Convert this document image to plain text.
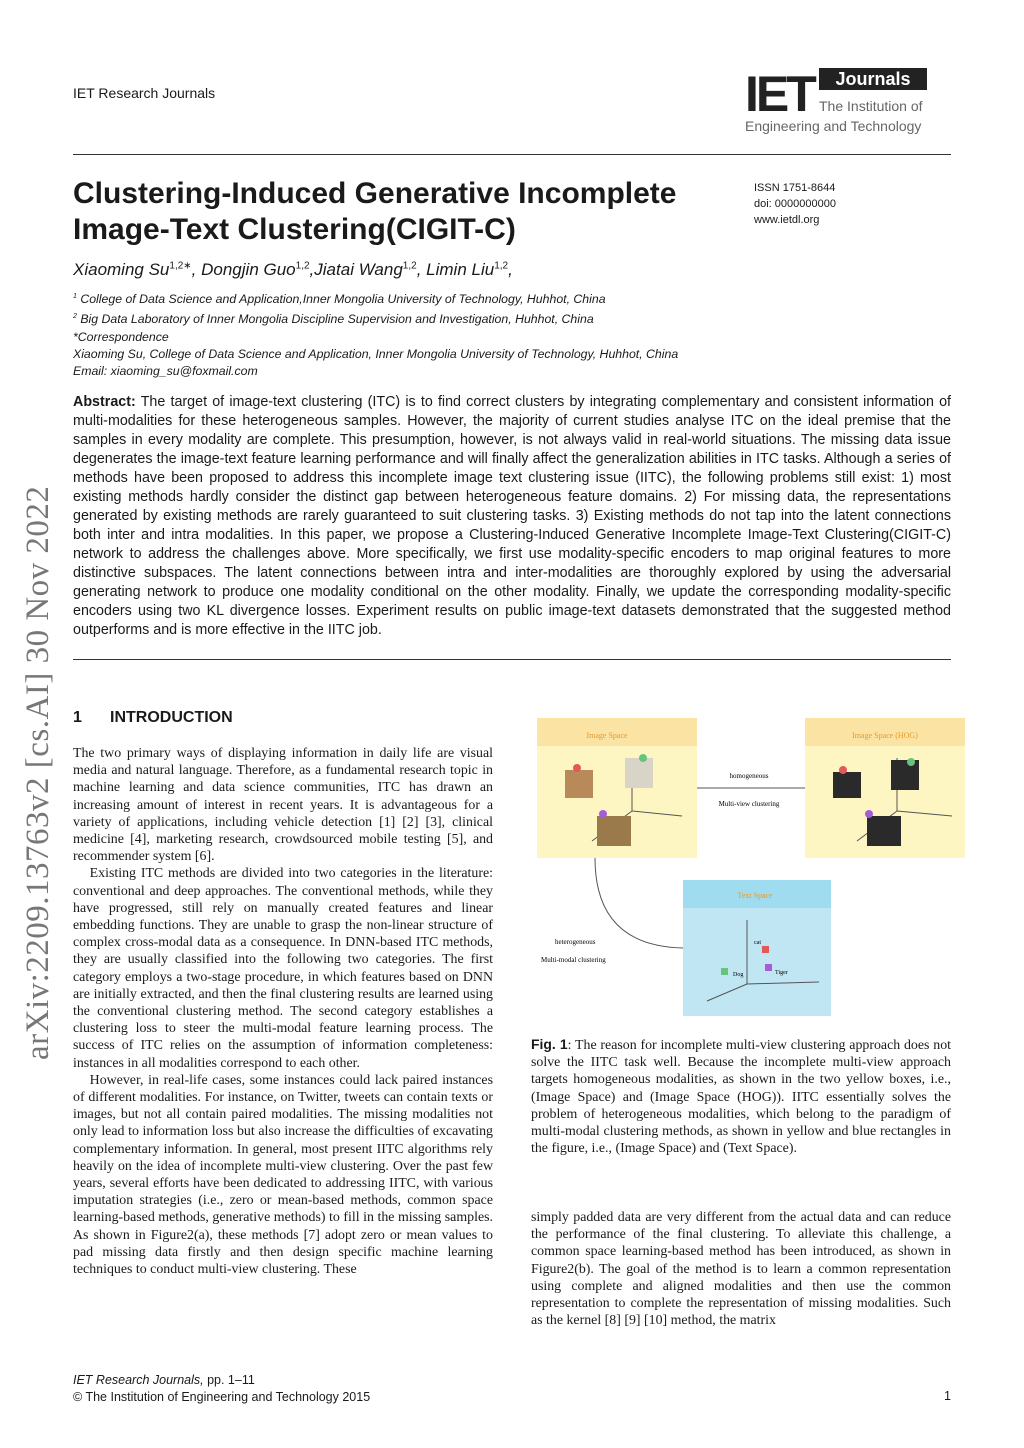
IET Research Journals	IET	Journals
The Institution of
Engineering and Technology
Clustering-Induced Generative Incomplete Image-Text Clustering(CIGIT-C)
ISSN 1751-8644
doi: 0000000000
www.ietdl.org
Xiaoming $Su^{1,2∗}$, Dongjin Guo$^{1,2}$,Jiatai Wang$^{1,2}$, Limin Liu$^{1,2}$,
$^1$ College of Data Science and Application,Inner Mongolia University of Technology, Huhhot, China
$^2$ Big Data Laboratory of Inner Mongolia Discipline Supervision and Investigation, Huhhot, China
*Correspondence
Xiaoming Su, College of Data Science and Application, Inner Mongolia University of Technology, Huhhot, China
Email: xiaoming_su@foxmail.com
Abstract: The target of image-text clustering (ITC) is to find correct clusters by integrating complementary and consistent information of multi-modalities for these heterogeneous samples. However, the majority of current studies analyse ITC on the ideal premise that the samples in every modality are complete. This presumption, however, is not always valid in real-world situations. The missing data issue degenerates the image-text feature learning performance and will finally affect the generalization abilities in ITC tasks. Although a series of methods have been proposed to address this incomplete image text clustering issue (IITC), the following problems still exist: 1) most existing methods hardly consider the distinct gap between heterogeneous feature domains. 2) For missing data, the representations generated by existing methods are rarely guaranteed to suit clustering tasks. 3) Existing methods do not tap into the latent connections both inter and intra modalities. In this paper, we propose a Clustering-Induced Generative Incomplete Image-Text Clustering(CIGIT-C) network to address the challenges above. More specifically, we first use modality-specific encoders to map original features to more distinctive subspaces. The latent connections between intra and inter-modalities are thoroughly explored by using the adversarial generating network to produce one modality conditional on the other modality. Finally, we update the corresponding modality-specific encoders using two KL divergence losses. Experiment results on public image-text datasets demonstrated that the suggested method outperforms and is more effective in the IITC job.
arXiv:2209.13763v2 [cs.AI] 30 Nov 2022 1 INTRODUCTION

The two primary ways of displaying information in daily life are visual media and natural language. Therefore, as a fundamental research topic in machine learning and data science communities, ITC has drawn an increasing amount of interest in recent years. It is advantageous for a variety of applications, including vehicle detection [1] [2] [3], clinical medicine [4], marketing research, crowdsourced mobile testing [5], and recommender system [6].

Existing ITC methods are divided into two categories in the literature: conventional and deep approaches. The conventional methods, while they have progressed, still rely on manually created features and linear embedding functions. They are unable to grasp the non-linear structure of complex cross-modal data as a consequence. In DNN-based ITC methods, they are usually classified into the following two categories. The first category employs a two-stage procedure, in which features based on DNN are initially extracted, and then the final clustering results are learned using the conventional clustering method. The second category establishes a clustering loss to steer the multi-modal feature learning process. The success of ITC relies on the assumption of information completeness: instances in all modalities correspond to each other.

However, in real-life cases, some instances could lack paired instances of different modalities. For instance, on Twitter, tweets can contain texts or images, but not all contain paired modalities. The missing modalities not only lead to information loss but also increase the difficulties of excavating complementary information. In general, most present IITC algorithms rely heavily on the idea of incomplete multi-view clustering. Over the past few years, several efforts have been dedicated to addressing IITC, with various imputation strategies (i.e., zero or mean-based methods, common space learning-based methods, generative methods) to fill in the missing samples. As shown in Figure2(a), these methods [7] adopt zero or mean values to pad missing data firstly and then design specific machine learning techniques to conduct multi-view clustering. These

Image Space	Image Space (HOG)
homogeneous
Multi-view clustering
Text Space
cat
Dog	Tiger
heterogeneous
Multi-modal clustering
Fig. 1: The reason for incomplete multi-view clustering approach does not solve the IITC task well. Because the incomplete multi-view approach targets homogeneous modalities, as shown in the two yellow boxes, i.e., (Image Space) and (Image Space (HOG)). IITC essentially solves the problem of heterogeneous modalities, which belong to the paradigm of multi-modal clustering methods, as shown in yellow and blue rectangles in the figure, i.e., (Image Space) and (Text Space).
simply padded data are very different from the actual data and can reduce the performance of the final clustering. To alleviate this challenge, a common space learning-based method has been introduced, as shown in Figure2(b). The goal of the method is to learn a common representation using complete and aligned modalities and then use the common representation to complete the representation of missing modalities. Such as the kernel [8] [9] [10] method, the matrix
IET Research Journals, pp. 1–11
© The Institution of Engineering and Technology 2015	1
